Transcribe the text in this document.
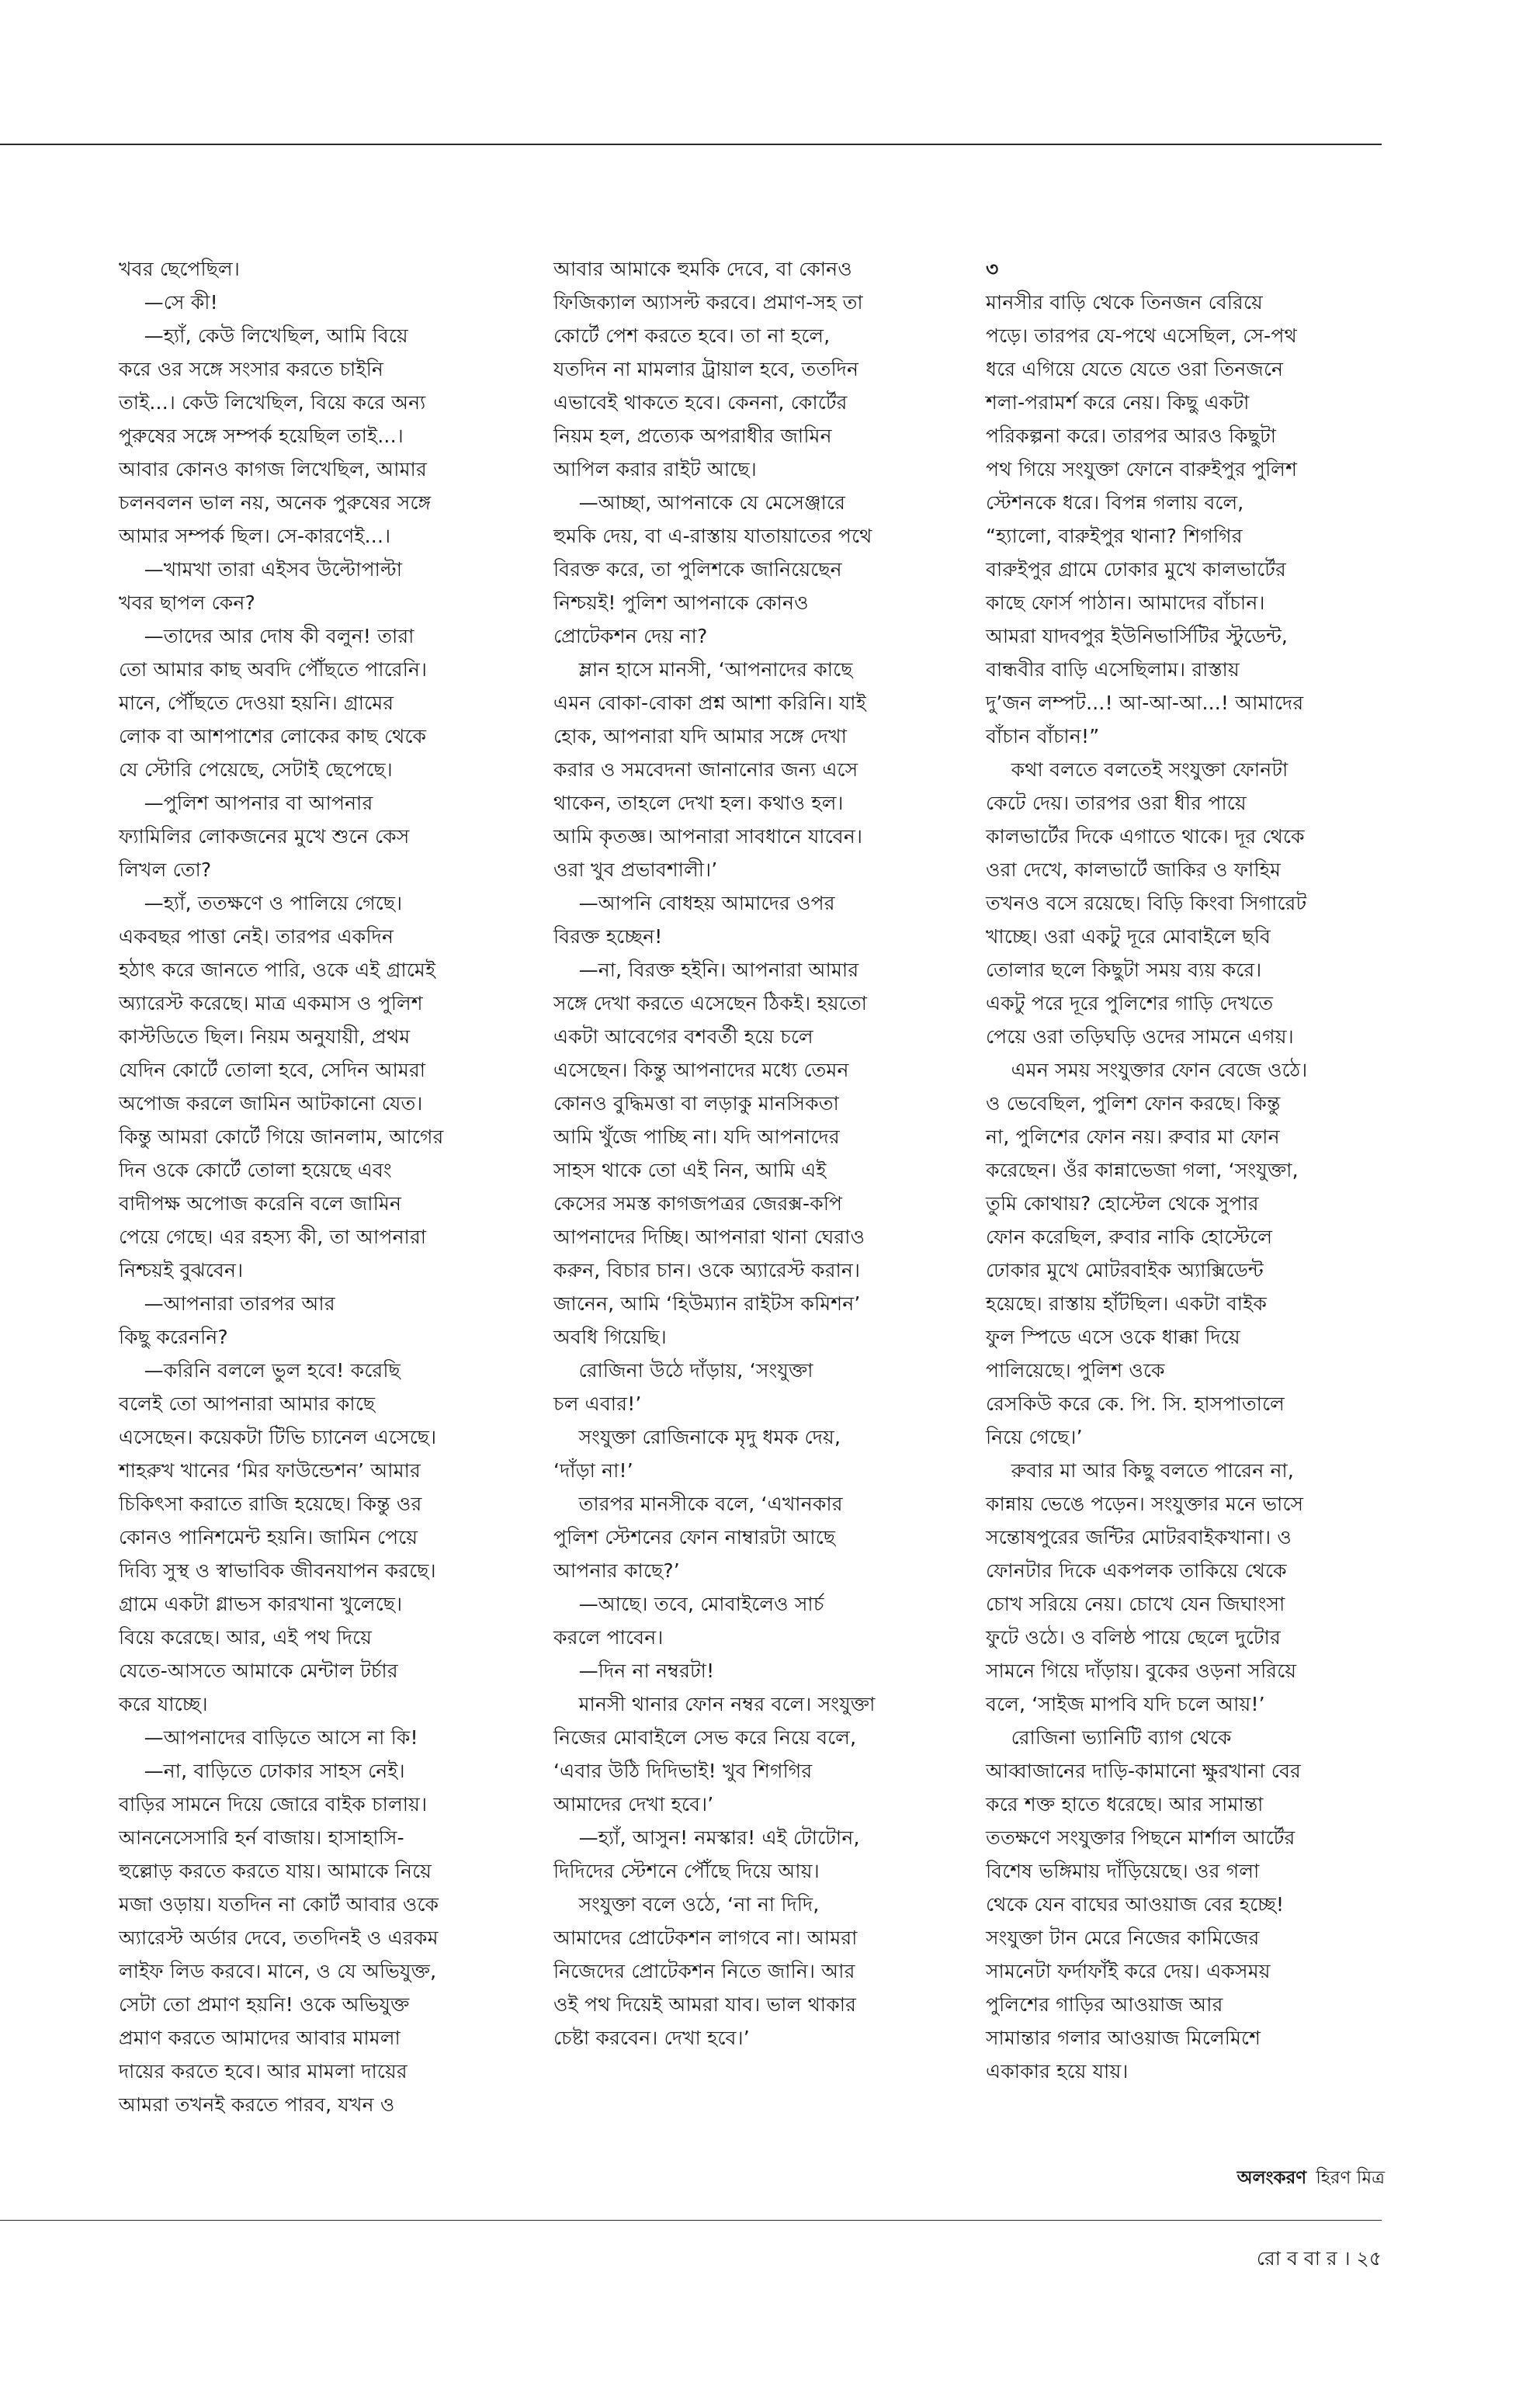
খবর ছেপেছিল।

—সে কী!

—হ্যাঁ, কেউ লিখেছিল, আমি বিয়ে

করে ওর সঙ্গে সংসার করতে চাইনি

তাই...। কেউ লিখেছিল, বিয়ে করে অন্য

পুরুষের সঙ্গে সম্পর্ক হয়েছিল তাই...।

আবার কোনও কাগজ লিখেছিল, আমার

চলনবলন ভাল নয়, অনেক পুরুষের সঙ্গে

আমার সম্পর্ক ছিল। সে-কারণেই...।

—খামখা তারা এইসব উল্টোপাল্টা

খবর ছাপল কেন?

—তাদের আর দোষ কী বলুন! তারা

তো আমার কাছ অবদি পৌঁছতে পারেনি।

মানে, পৌঁছতে দেওয়া হয়নি। গ্রামের

লোক বা আশপাশের লোকের কাছ থেকে

যে স্টোরি পেয়েছে, সেটাই ছেপেছে।

—পুলিশ আপনার বা আপনার

ফ্যামিলির লোকজনের মুখে শুনে কেস

লিখল তো?

—হ্যাঁ, ততক্ষণে ও পালিয়ে গেছে।

একবছর পাত্তা নেই। তারপর একদিন

হঠাৎ করে জানতে পারি, ওকে এই গ্রামেই

অ্যারেস্ট করেছে। মাত্র একমাস ও পুলিশ

কাস্টডিতে ছিল। নিয়ম অনুযায়ী, প্রথম

যেদিন কোর্টে তোলা হবে, সেদিন আমরা

অপোজ করলে জামিন আটকানো যেত।

কিন্তু আমরা কোর্টে গিয়ে জানলাম, আগের

দিন ওকে কোর্টে তোলা হয়েছে এবং

বাদীপক্ষ অপোজ করেনি বলে জামিন

পেয়ে গেছে। এর রহস্য কী, তা আপনারা

নিশ্চয়ই বুঝবেন।

—আপনারা তারপর আর

কিছু করেননি?

—করিনি বললে ভুল হবে! করেছি

বলেই তো আপনারা আমার কাছে

এসেছেন। কয়েকটা টিভি চ্যানেল এসেছে।

শাহরুখ খানের ‘মির ফাউন্ডেশন’ আমার

চিকিৎসা করাতে রাজি হয়েছে। কিন্তু ওর

কোনও পানিশমেন্ট হয়নি। জামিন পেয়ে

দিব্যি সুস্থ ও স্বাভাবিক জীবনযাপন করছে।

গ্রামে একটা গ্লাভস কারখানা খুলেছে।

বিয়ে করেছে। আর, এই পথ দিয়ে

যেতে-আসতে আমাকে মেন্টাল টর্চার

করে যাচ্ছে।

—আপনাদের বাড়িতে আসে না কি!

—না, বাড়িতে ঢোকার সাহস নেই।

বাড়ির সামনে দিয়ে জোরে বাইক চালায়।

আননেসেসারি হর্ন বাজায়। হাসাহাসি-

হুল্লোড় করতে করতে যায়। আমাকে নিয়ে

মজা ওড়ায়। যতদিন না কোর্ট আবার ওকে

অ্যারেস্ট অর্ডার দেবে, ততদিনই ও এরকম

লাইফ লিড করবে। মানে, ও যে অভিযুক্ত,

সেটা তো প্রমাণ হয়নি! ওকে অভিযুক্ত

প্রমাণ করতে আমাদের আবার মামলা

দায়ের করতে হবে। আর মামলা দায়ের

আমরা তখনই করতে পারব, যখন ও

আবার আমাকে হুমকি দেবে, বা কোনও

ফিজিক্যাল অ্যাসল্ট করবে। প্রমাণ-সহ তা

কোর্টে পেশ করতে হবে। তা না হলে,

যতদিন না মামলার ট্রায়াল হবে, ততদিন

এভাবেই থাকতে হবে। কেননা, কোর্টের

নিয়ম হল, প্রত্যেক অপরাধীর জামিন

আপিল করার রাইট আছে।

—আচ্ছা, আপনাকে যে মেসেঞ্জারে

হুমকি দেয়, বা এ-রাস্তায় যাতায়াতের পথে

বিরক্ত করে, তা পুলিশকে জানিয়েছেন

নিশ্চয়ই! পুলিশ আপনাকে কোনও

প্রোটেকশন দেয় না?

ম্লান হাসে মানসী, ‘আপনাদের কাছে

এমন বোকা-বোকা প্রশ্ন আশা করিনি। যাই

হোক, আপনারা যদি আমার সঙ্গে দেখা

করার ও সমবেদনা জানানোর জন্য এসে

থাকেন, তাহলে দেখা হল। কথাও হল।

আমি কৃতজ্ঞ। আপনারা সাবধানে যাবেন।

ওরা খুব প্রভাবশালী।’

—আপনি বোধহয় আমাদের ওপর

বিরক্ত হচ্ছেন!

—না, বিরক্ত হইনি। আপনারা আমার

সঙ্গে দেখা করতে এসেছেন ঠিকই। হয়তো

একটা আবেগের বশবর্তী হয়ে চলে

এসেছেন। কিন্তু আপনাদের মধ্যে তেমন

কোনও বুদ্ধিমত্তা বা লড়াকু মানসিকতা

আমি খুঁজে পাচ্ছি না। যদি আপনাদের

সাহস থাকে তো এই নিন, আমি এই

কেসের সমস্ত কাগজপত্রর জেরক্স-কপি

আপনাদের দিচ্ছি। আপনারা থানা ঘেরাও

করুন, বিচার চান। ওকে অ্যারেস্ট করান।

জানেন, আমি ‘হিউম্যান রাইটস কমিশন’

অবধি গিয়েছি।

রোজিনা উঠে দাঁড়ায়, ‘সংযুক্তা

চল এবার!’

সংযুক্তা রোজিনাকে মৃদু ধমক দেয়,

‘দাঁড়া না!’

তারপর মানসীকে বলে, ‘এখানকার

পুলিশ স্টেশনের ফোন নাম্বারটা আছে

আপনার কাছে?’

—আছে। তবে, মোবাইলেও সার্চ

করলে পাবেন।

—দিন না নম্বরটা!

মানসী থানার ফোন নম্বর বলে। সংযুক্তা

নিজের মোবাইলে সেভ করে নিয়ে বলে,

‘এবার উঠি দিদিভাই! খুব শিগগির

আমাদের দেখা হবে।’

—হ্যাঁ, আসুন! নমস্কার! এই টোটোন,

দিদিদের স্টেশনে পৌঁছে দিয়ে আয়।

সংযুক্তা বলে ওঠে, ‘না না দিদি,

আমাদের প্রোটেকশন লাগবে না। আমরা

নিজেদের প্রোটেকশন নিতে জানি। আর

ওই পথ দিয়েই আমরা যাব। ভাল থাকার

চেষ্টা করবেন। দেখা হবে।’

৩

মানসীর বাড়ি থেকে তিনজন বেরিয়ে

পড়ে। তারপর যে-পথে এসেছিল, সে-পথ

ধরে এগিয়ে যেতে যেতে ওরা তিনজনে

শলা-পরামর্শ করে নেয়। কিছু একটা

পরিকল্পনা করে। তারপর আরও কিছুটা

পথ গিয়ে সংযুক্তা ফোনে বারুইপুর পুলিশ

স্টেশনকে ধরে। বিপন্ন গলায় বলে,

“হ্যালো, বারুইপুর থানা? শিগগির

বারুইপুর গ্রামে ঢোকার মুখে কালভার্টের

কাছে ফোর্স পাঠান। আমাদের বাঁচান।

আমরা যাদবপুর ইউনিভার্সিটির স্টুডেন্ট,

বান্ধবীর বাড়ি এসেছিলাম। রাস্তায়

দু’জন লম্পট...! আ-আ-আ...! আমাদের

বাঁচান বাঁচান!”

কথা বলতে বলতেই সংযুক্তা ফোনটা

কেটে দেয়। তারপর ওরা ধীর পায়ে

কালভার্টের দিকে এগাতে থাকে। দূর থেকে

ওরা দেখে, কালভার্টে জাকির ও ফাহিম

তখনও বসে রয়েছে। বিড়ি কিংবা সিগারেট

খাচ্ছে। ওরা একটু দূরে মোবাইলে ছবি

তোলার ছলে কিছুটা সময় ব্যয় করে।

একটু পরে দূরে পুলিশের গাড়ি দেখতে

পেয়ে ওরা তড়িঘড়ি ওদের সামনে এগয়।

এমন সময় সংযুক্তার ফোন বেজে ওঠে।

ও ভেবেছিল, পুলিশ ফোন করছে। কিন্তু

না, পুলিশের ফোন নয়। রুবার মা ফোন

করেছেন। ওঁর কান্নাভেজা গলা, ‘সংযুক্তা,

তুমি কোথায়? হোস্টেল থেকে সুপার

ফোন করেছিল, রুবার নাকি হোস্টেলে

ঢোকার মুখে মোটরবাইক অ্যাক্সিডেন্ট

হয়েছে। রাস্তায় হাঁটছিল। একটা বাইক

ফুল স্পিডে এসে ওকে ধাক্কা দিয়ে

পালিয়েছে। পুলিশ ওকে

রেসকিউ করে কে. পি. সি. হাসপাতালে

নিয়ে গেছে।’

রুবার মা আর কিছু বলতে পারেন না,

কান্নায় ভেঙে পড়েন। সংযুক্তার মনে ভাসে

সন্তোষপুরের জন্টির মোটরবাইকখানা। ও

ফোনটার দিকে একপলক তাকিয়ে থেকে

চোখ সরিয়ে নেয়। চোখে যেন জিঘাংসা

ফুটে ওঠে। ও বলিষ্ঠ পায়ে ছেলে দুটোর

সামনে গিয়ে দাঁড়ায়। বুকের ওড়না সরিয়ে

বলে, ‘সাইজ মাপবি যদি চলে আয়!’

রোজিনা ভ্যানিটি ব্যাগ থেকে

আব্বাজানের দাড়ি-কামানো ক্ষুরখানা বের

করে শক্ত হাতে ধরেছে। আর সামান্তা

ততক্ষণে সংযুক্তার পিছনে মার্শাল আর্টের

বিশেষ ভঙ্গিমায় দাঁড়িয়েছে। ওর গলা

থেকে যেন বাঘের আওয়াজ বের হচ্ছে!

সংযুক্তা টান মেরে নিজের কামিজের

সামনেটা ফর্দাফাঁই করে দেয়। একসময়

পুলিশের গাড়ির আওয়াজ আর

সামান্তার গলার আওয়াজ মিলেমিশে

একাকার হয়ে যায়।

অলংকরণ হিরণ মিত্র
রো ব বা র । ২৫
